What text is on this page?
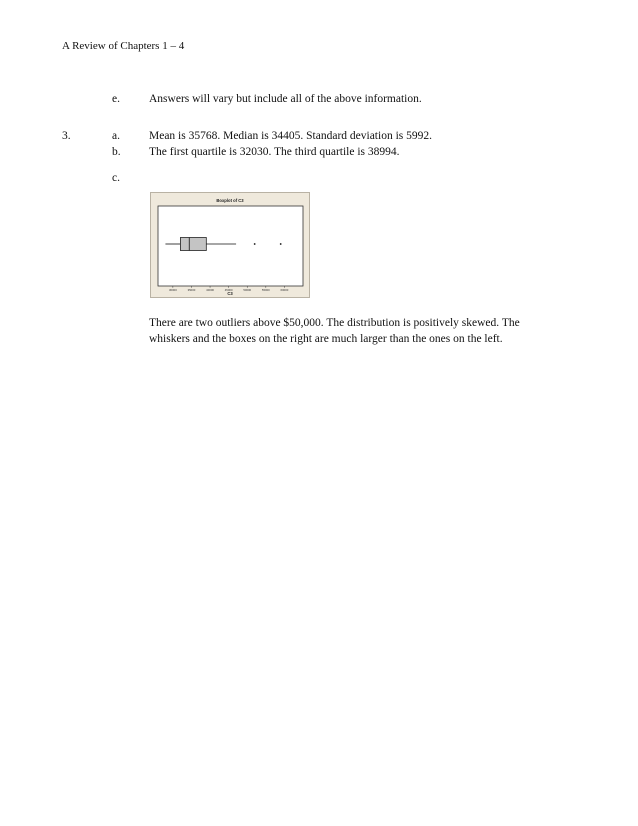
A Review of Chapters 1 – 4
e.	Answers will vary but include all of the above information.
3.	a.	Mean is 35768. Median is 34405. Standard deviation is 5992.
b. The first quartile is 32030. The third quartile is 38994.
c.
Boxplot of C3
C3
30000	35000	40000	45000	50000	55000	60000
There are two outliers above $50,000. The distribution is positively skewed. The whiskers and the boxes on the right are much larger than the ones on the left.
